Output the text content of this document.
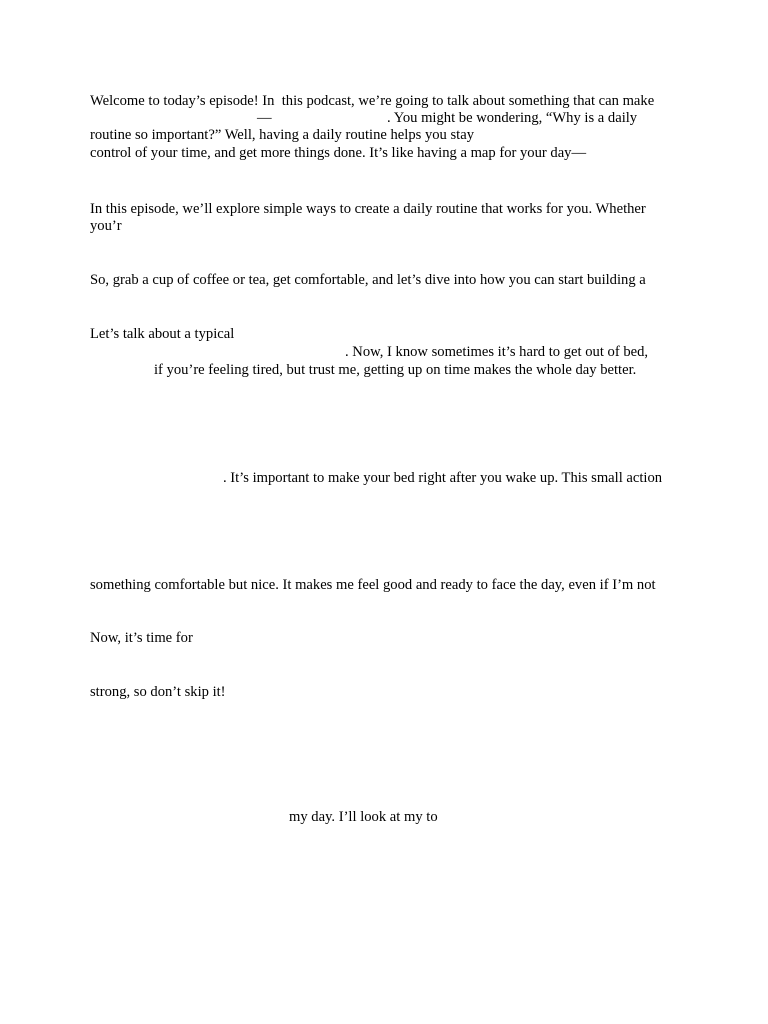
Welcome to today’s episode! In  this podcast, we’re going to talk about something that can make
—	. You might be wondering, “Why is a daily
routine so important?” Well, having a daily routine helps you stay
control of your time, and get more things done. It’s like having a map for your day—
In this episode, we’ll explore simple ways to create a daily routine that works for you. Whether
you’r
So, grab a cup of coffee or tea, get comfortable, and let’s dive into how you can start building a
Let’s talk about a typical
. Now, I know sometimes it’s hard to get out of bed,
if you’re feeling tired, but trust me, getting up on time makes the whole day better.
. It’s important to make your bed right after you wake up. This small action
something comfortable but nice. It makes me feel good and ready to face the day, even if I’m not
Now, it’s time for
strong, so don’t skip it!
my day. I’ll look at my to
